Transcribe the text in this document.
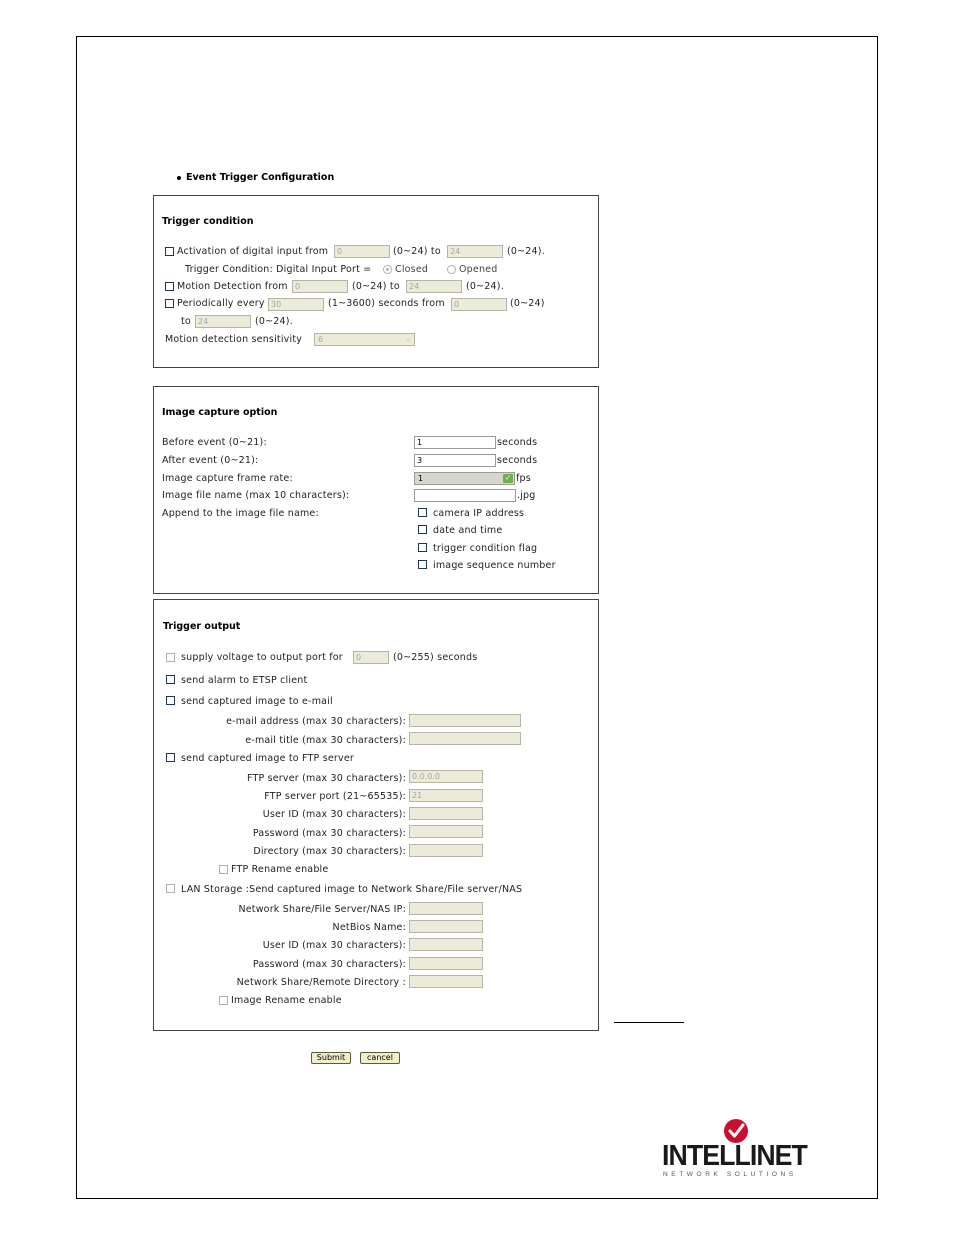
Event Trigger Configuration
Trigger condition
Activation of digital input from	0	(0~24) to	24	(0~24).
Trigger Condition: Digital Input Port = Closed	Opened
Motion Detection from 0	(0~24) to	24	(0~24).
Periodically every 30	(1~3600) seconds from	0	(0~24)
to 24	(0~24).
Motion detection sensitivity	6	⌵
Image capture option
Before event (0~21):	1	seconds
After event (0~21):	3	seconds
Image capture frame rate:	1	✓ fps
Image file name (max 10 characters):	.jpg
Append to the image file name:	camera IP address
date and time
trigger condition flag
image sequence number
Trigger output
supply voltage to output port for	0	(0~255) seconds
send alarm to ETSP client
send captured image to e-mail
e-mail address (max 30 characters):
e-mail title (max 30 characters):
send captured image to FTP server
FTP server (max 30 characters): 0.0.0.0
FTP server port (21~65535): 21
User ID (max 30 characters):
Password (max 30 characters):
Directory (max 30 characters):
FTP Rename enable
LAN Storage :Send captured image to Network Share/File server/NAS
Network Share/File Server/NAS IP:
NetBios Name:
User ID (max 30 characters):
Password (max 30 characters):
Network Share/Remote Directory :
Image Rename enable
Submit	cancel
INTELLINET
NETWORK SOLUTIONS
